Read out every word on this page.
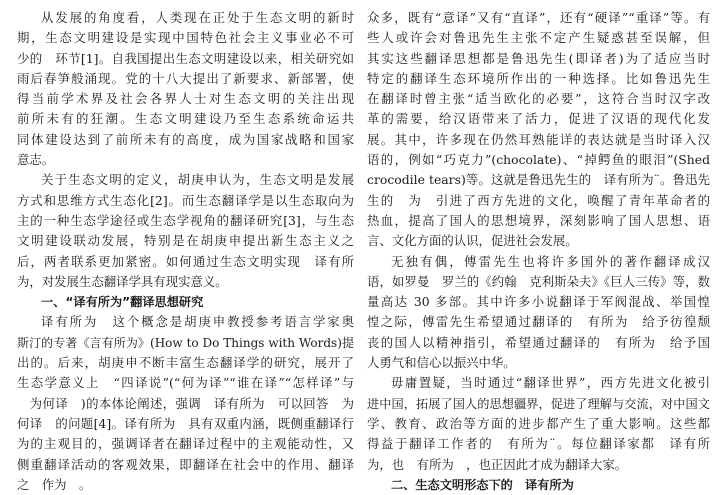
从发展的角度看，人类现在正处于生态文明的新时
期，生态文明建设是实现中国特色社会主义事业必不可
少的　环节[1]。自我国提出生态文明建设以来，相关研究如
雨后春笋般涌现。党的十八大提出了新要求、新部署，使
得当前学术界及社会各界人士对生态文明的关注出现
前所未有的狂潮。生态文明建设乃至生态系统命运共
同体建设达到了前所未有的高度，成为国家战略和国家
意志。
关于生态文明的定义，胡庚申认为，生态文明是发展
方式和思维方式生态化[2]。而生态翻译学是以生态取向为
主的一种生态学途径或生态学视角的翻译研究[3]，与生态
文明建设联动发展，特别是在胡庚申提出新生态主义之
后，两者联系更加紧密。如何通过生态文明实现　译有所
为，对发展生态翻译学具有现实意义。
一、“译有所为”翻译思想研究
译有所为　这个概念是胡庚申教授参考语言学家奥
斯汀的专著《言有所为》(How to Do Things with Words)提
出的。后来，胡庚申不断丰富生态翻译学的研究，展开了
生态学意义上　“四译说”(“何为译”“谁在译”“怎样译”与
　为何译　)的本体论阐述，强调　译有所为　可以回答　为
何译　的问题[4]。译有所为　具有双重内涵，既侧重翻译行
为的主观目的，强调译者在翻译过程中的主观能动性，又
侧重翻译活动的客观效果，即翻译在社会中的作用、翻译
之　作为　。
众多，既有“意译”又有“直译”，还有“硬译”“重译”等。有
些人或许会对鲁迅先生主张不定产生疑惑甚至误解，但
其实这些翻译思想都是鲁迅先生(即译者)为了适应当时
特定的翻译生态环境所作出的一种选择。比如鲁迅先生
在翻译时曾主张“适当欧化的必要”，这符合当时汉字改
革的需要，给汉语带来了活力，促进了汉语的现代化发
展。其中，许多现在仍然耳熟能详的表达就是当时译入汉
语的，例如“巧克力”(chocolate)、“掉鳄鱼的眼泪”(Shed
crocodile tears)等。这就是鲁迅先生的　译有所为¨。鲁迅先
生的　为　引进了西方先进的文化，唤醒了青年革命者的
热血，提高了国人的思想境界，深刻影响了国人思想、语
言、文化方面的认识，促进社会发展。
无独有偶，傅雷先生也将许多国外的著作翻译成汉
语，如罗曼　罗兰的《约翰　克利斯朵夫》《巨人三传》等，数
量高达 30 多部。其中许多小说翻译于军阀混战、举国惶
惶之际，傅雷先生希望通过翻译的　有所为　给予彷徨颓
丧的国人以精神指引，希望通过翻译的　有所为　给予国
人勇气和信心以振兴中华。
毋庸置疑，当时通过“翻译世界”，西方先进文化被引
进中国，拓展了国人的思想疆界，促进了理解与交流，对中国文
学、教育、政治等方面的进步都产生了重大影响。这些都
得益于翻译工作者的　有所为¨。每位翻译家都　译有所
为，也　有所为　，也正因此才成为翻译大家。
二、生态文明形态下的　译有所为
